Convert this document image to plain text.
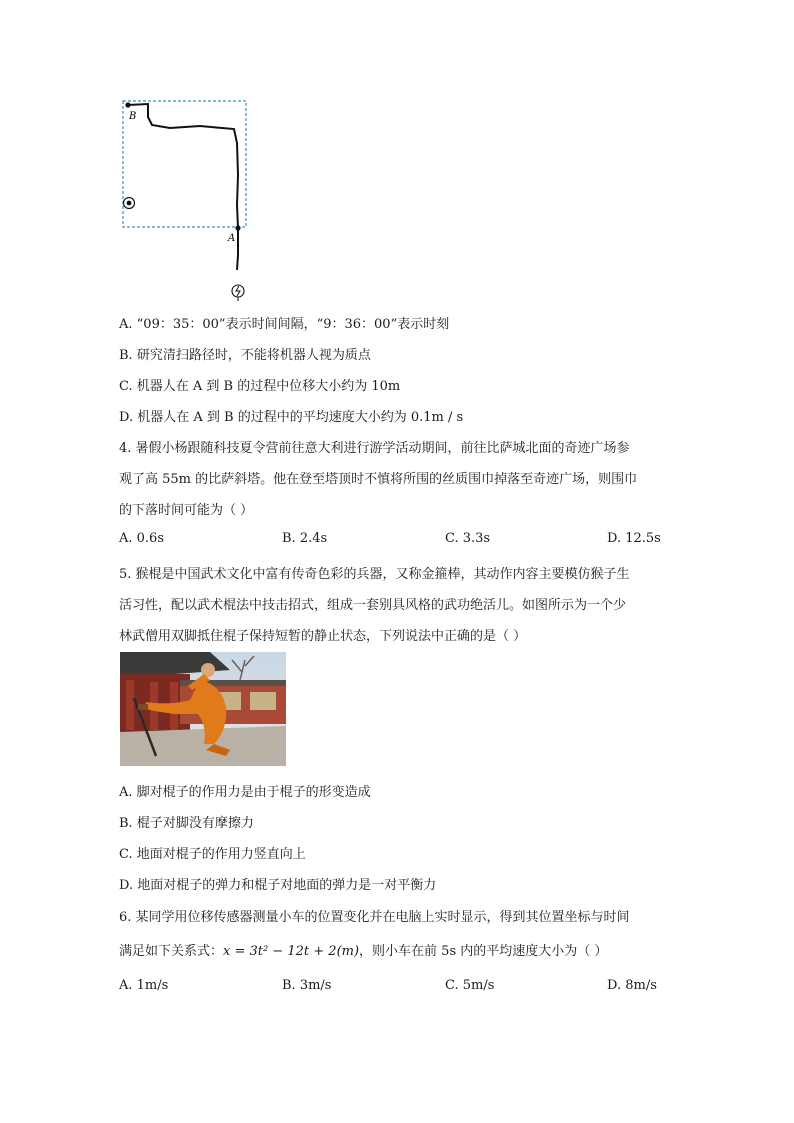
B
A
A. “09：35：00”表示时间间隔，“9：36：00”表示时刻
B. 研究清扫路径时，不能将机器人视为质点
C. 机器人在 A 到 B 的过程中位移大小约为 10m
D. 机器人在 A 到 B 的过程中的平均速度大小约为 0.1m / s
4. 暑假小杨跟随科技夏令营前往意大利进行游学活动期间，前往比萨城北面的奇迹广场参
观了高 55m 的比萨斜塔。他在登至塔顶时不慎将所围的丝质围巾掉落至奇迹广场，则围巾
的下落时间可能为（ ）
A. 0.6s	B. 2.4s	C. 3.3s	D. 12.5s
5. 猴棍是中国武术文化中富有传奇色彩的兵器，又称金箍棒，其动作内容主要模仿猴子生
活习性，配以武术棍法中技击招式，组成一套别具风格的武功绝活儿。如图所示为一个少
林武僧用双脚抵住棍子保持短暂的静止状态，下列说法中正确的是（ ）
A. 脚对棍子的作用力是由于棍子的形变造成
B. 棍子对脚没有摩擦力
C. 地面对棍子的作用力竖直向上
D. 地面对棍子的弹力和棍子对地面的弹力是一对平衡力
6. 某同学用位移传感器测量小车的位置变化并在电脑上实时显示，得到其位置坐标与时间
满足如下关系式：x = 3t² − 12t + 2(m)，则小车在前 5s 内的平均速度大小为（ ）
A. 1m/s	B. 3m/s	C. 5m/s	D. 8m/s
